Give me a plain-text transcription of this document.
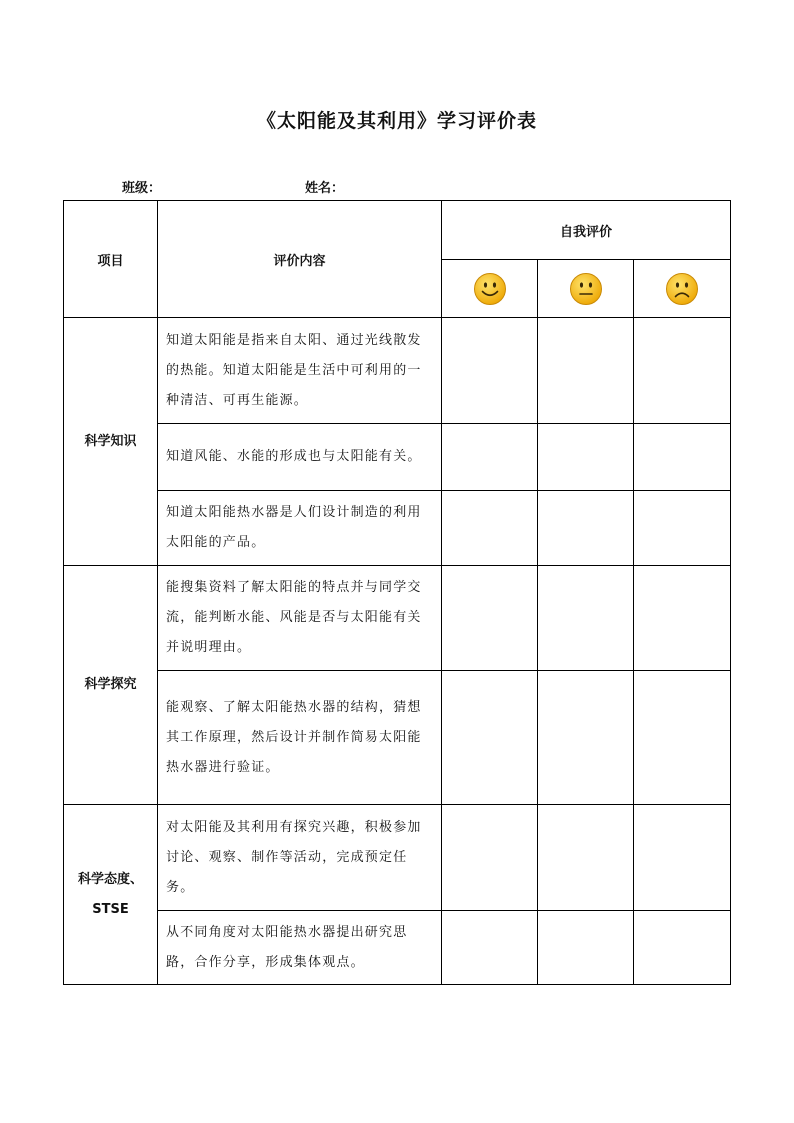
《太阳能及其利用》学习评价表
班级：	姓名：
项目	评价内容	自我评价		

科学知识	知道太阳能是指来自太阳、通过光线散发的热能。知道太阳能是生活中可利用的一种清洁、可再生能源。			
	知道风能、水能的形成也与太阳能有关。			
	知道太阳能热水器是人们设计制造的利用太阳能的产品。			
科学探究	能搜集资料了解太阳能的特点并与同学交流，能判断水能、风能是否与太阳能有关并说明理由。			
	能观察、了解太阳能热水器的结构，猜想其工作原理，然后设计并制作简易太阳能热水器进行验证。			

科学态度、
STSE	对太阳能及其利用有探究兴趣，积极参加讨论、观察、制作等活动，完成预定任务。			
	从不同角度对太阳能热水器提出研究思路，合作分享，形成集体观点。			
